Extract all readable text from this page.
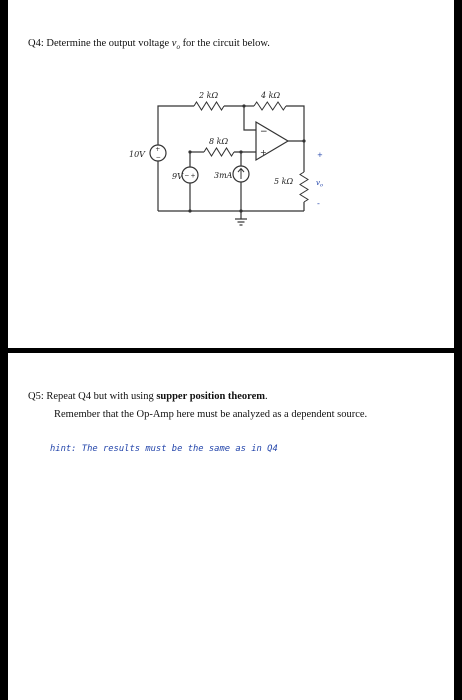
Q4: Determine the output voltage $v_o$ for the circuit below.
2 kΩ	4 kΩ
8 kΩ
−
+
5 kΩ
+
$v_o$
-
+
−
10V
− +
9V	3mA
Q5: Repeat Q4 but with using supper position theorem.
Remember that the Op-Amp here must be analyzed as a dependent source.
hint: The results must be the same as in Q4
